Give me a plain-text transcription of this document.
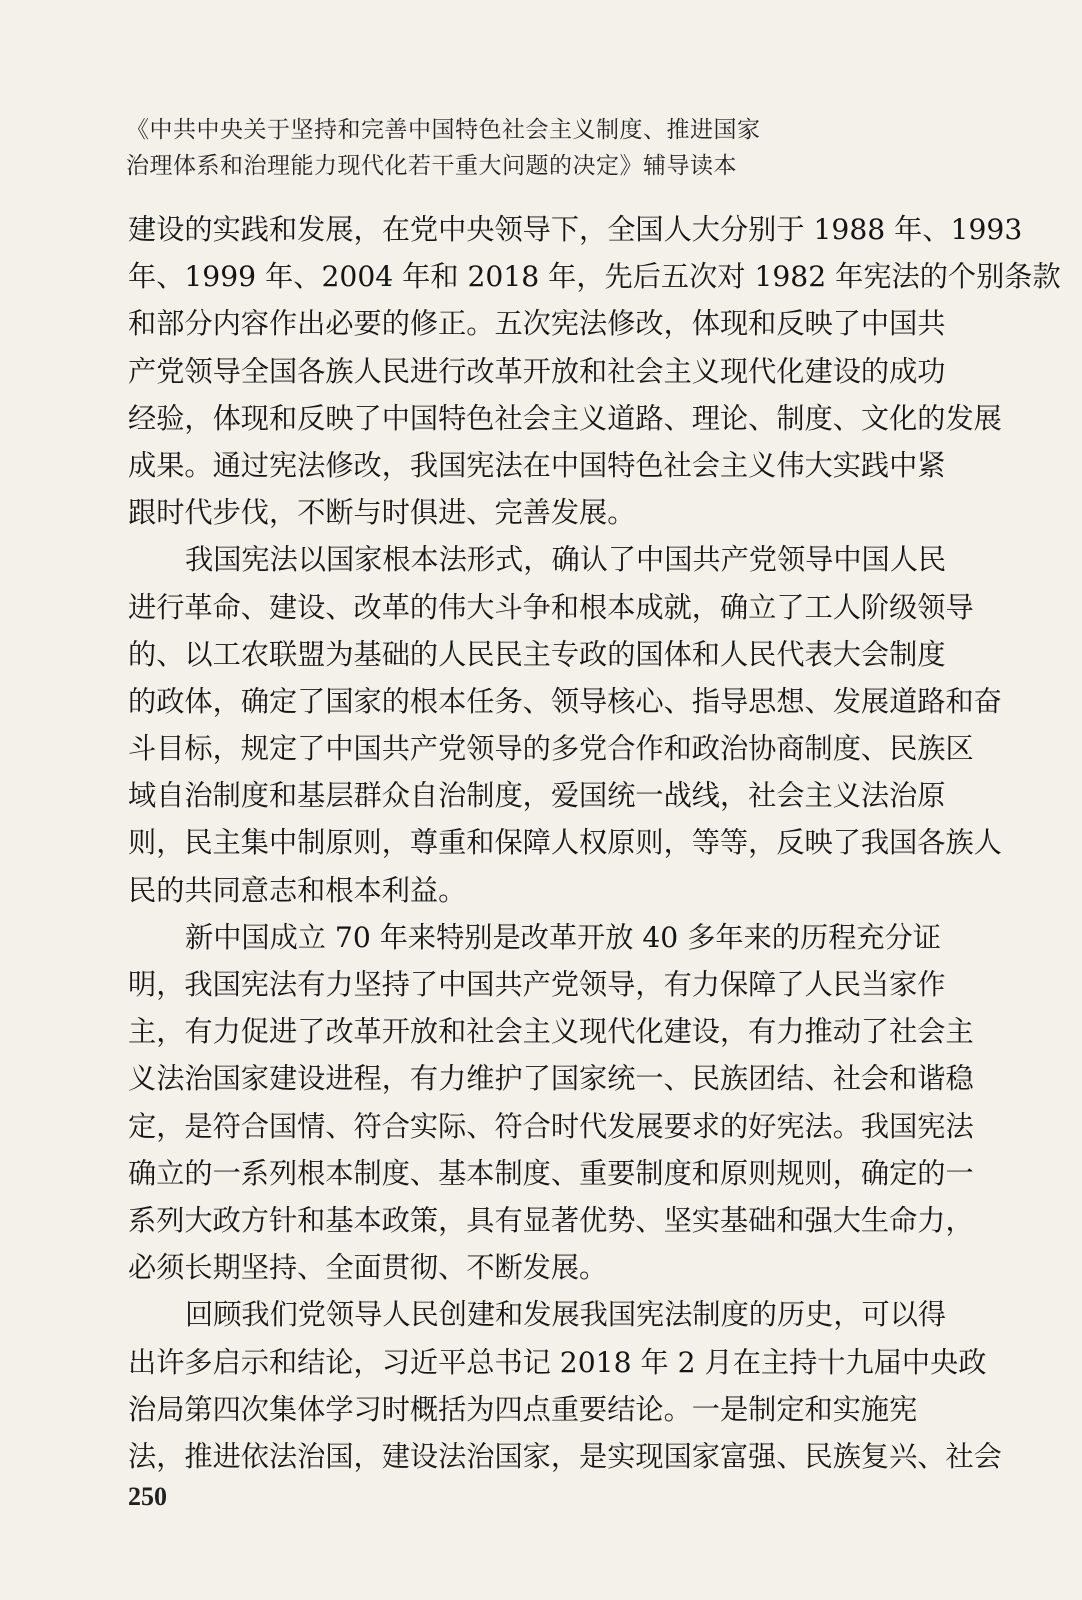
《中共中央关于坚持和完善中国特色社会主义制度、推进国家
治理体系和治理能力现代化若干重大问题的决定》辅导读本
建设的实践和发展，在党中央领导下，全国人大分别于 1988 年、1993
年、1999 年、2004 年和 2018 年，先后五次对 1982 年宪法的个别条款
和部分内容作出必要的修正。五次宪法修改，体现和反映了中国共
产党领导全国各族人民进行改革开放和社会主义现代化建设的成功
经验，体现和反映了中国特色社会主义道路、理论、制度、文化的发展
成果。通过宪法修改，我国宪法在中国特色社会主义伟大实践中紧
跟时代步伐，不断与时俱进、完善发展。
我国宪法以国家根本法形式，确认了中国共产党领导中国人民
进行革命、建设、改革的伟大斗争和根本成就，确立了工人阶级领导
的、以工农联盟为基础的人民民主专政的国体和人民代表大会制度
的政体，确定了国家的根本任务、领导核心、指导思想、发展道路和奋
斗目标，规定了中国共产党领导的多党合作和政治协商制度、民族区
域自治制度和基层群众自治制度，爱国统一战线，社会主义法治原
则，民主集中制原则，尊重和保障人权原则，等等，反映了我国各族人
民的共同意志和根本利益。
新中国成立 70 年来特别是改革开放 40 多年来的历程充分证
明，我国宪法有力坚持了中国共产党领导，有力保障了人民当家作
主，有力促进了改革开放和社会主义现代化建设，有力推动了社会主
义法治国家建设进程，有力维护了国家统一、民族团结、社会和谐稳
定，是符合国情、符合实际、符合时代发展要求的好宪法。我国宪法
确立的一系列根本制度、基本制度、重要制度和原则规则，确定的一
系列大政方针和基本政策，具有显著优势、坚实基础和强大生命力，
必须长期坚持、全面贯彻、不断发展。
回顾我们党领导人民创建和发展我国宪法制度的历史，可以得
出许多启示和结论，习近平总书记 2018 年 2 月在主持十九届中央政
治局第四次集体学习时概括为四点重要结论。一是制定和实施宪
法，推进依法治国，建设法治国家，是实现国家富强、民族复兴、社会
250
